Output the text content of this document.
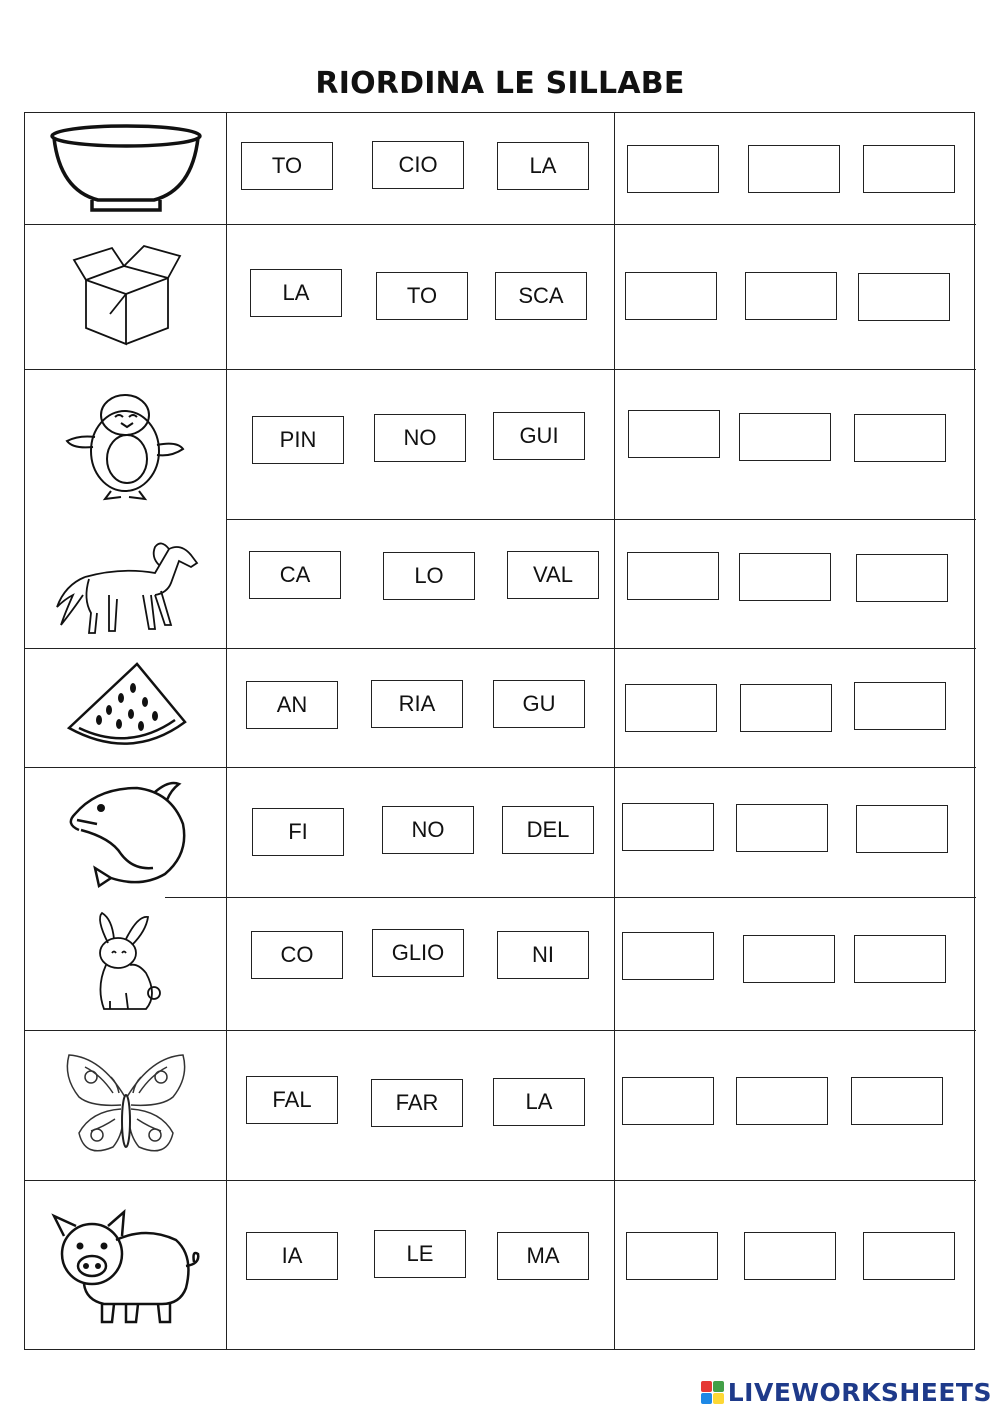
RIORDINA LE SILLABE
TO	CIO	LA
LA	TO	SCA
PIN	NO	GUI
CA	LO	VAL
AN	RIA	GU
FI	NO	DEL
CO	GLIO	NI
FAL	FAR	LA
IA	LE	MA
LIVEWORKSHEETS
